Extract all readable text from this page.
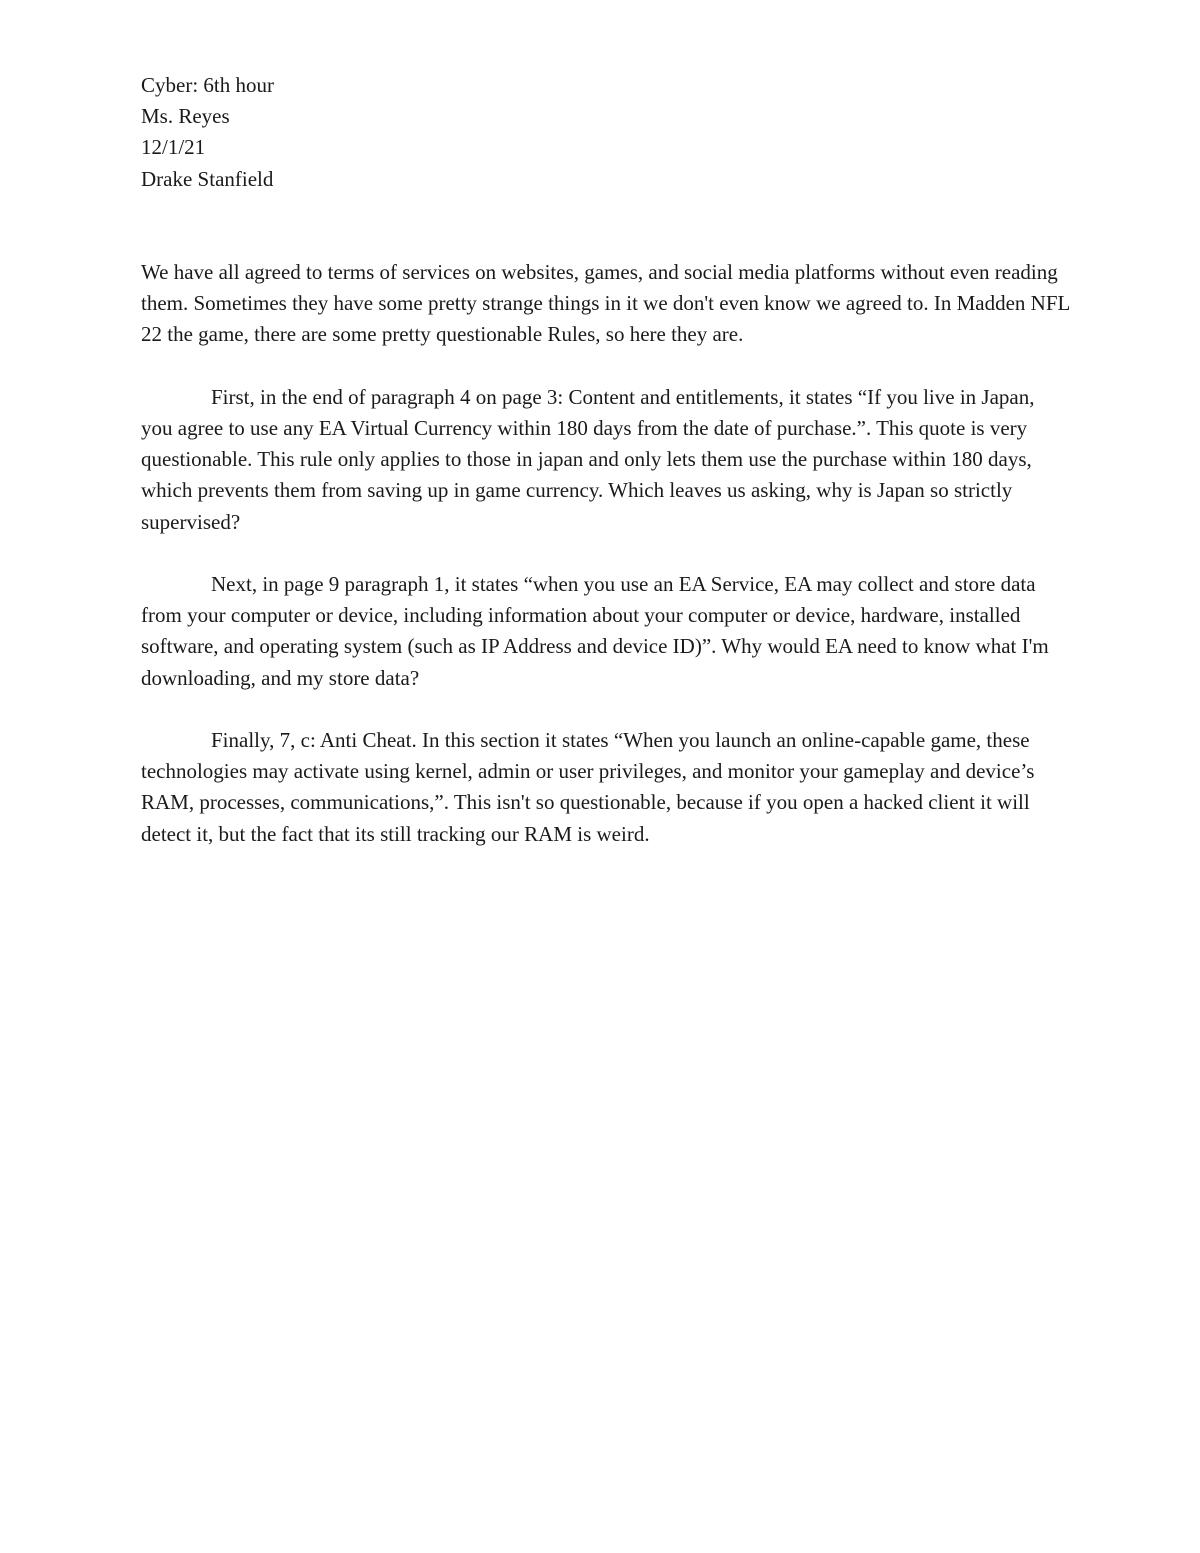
Cyber: 6th hour
Ms. Reyes
12/1/21
Drake Stanfield

We have all agreed to terms of services on websites, games, and social media platforms without even reading them. Sometimes they have some pretty strange things in it we don't even know we agreed to. In Madden NFL 22 the game, there are some pretty questionable Rules, so here they are.

First, in the end of paragraph 4 on page 3: Content and entitlements, it states “If you live in Japan, you agree to use any EA Virtual Currency within 180 days from the date of purchase.”. This quote is very questionable. This rule only applies to those in japan and only lets them use the purchase within 180 days, which prevents them from saving up in game currency. Which leaves us asking, why is Japan so strictly supervised?

Next, in page 9 paragraph 1, it states “when you use an EA Service, EA may collect and store data from your computer or device, including information about your computer or device, hardware, installed software, and operating system (such as IP Address and device ID)”. Why would EA need to know what I'm downloading, and my store data?

Finally, 7, c: Anti Cheat. In this section it states “When you launch an online-capable game, these technologies may activate using kernel, admin or user privileges, and monitor your gameplay and device’s RAM, processes, communications,”. This isn't so questionable, because if you open a hacked client it will detect it, but the fact that its still tracking our RAM is weird.
